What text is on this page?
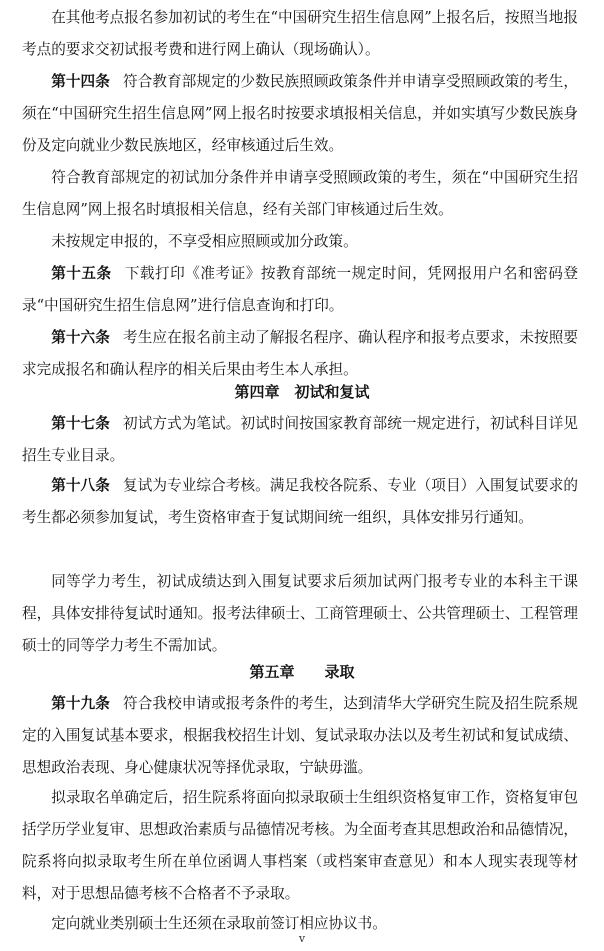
在其他考点报名参加初试的考生在“中国研究生招生信息网”上报名后，按照当地报考点的要求交初试报考费和进行网上确认（现场确认）。

第十四条 符合教育部规定的少数民族照顾政策条件并申请享受照顾政策的考生，须在“中国研究生招生信息网”网上报名时按要求填报相关信息，并如实填写少数民族身份及定向就业少数民族地区，经审核通过后生效。

符合教育部规定的初试加分条件并申请享受照顾政策的考生，须在“中国研究生招生信息网”网上报名时填报相关信息，经有关部门审核通过后生效。

未按规定申报的，不享受相应照顾或加分政策。

第十五条 下载打印《准考证》按教育部统一规定时间，凭网报用户名和密码登录“中国研究生招生信息网”进行信息查询和打印。

第十六条 考生应在报名前主动了解报名程序、确认程序和报考点要求，未按照要求完成报名和确认程序的相关后果由考生本人承担。

第四章　初试和复试

第十七条 初试方式为笔试。初试时间按国家教育部统一规定进行，初试科目详见招生专业目录。

第十八条 复试为专业综合考核。满足我校各院系、专业（项目）入围复试要求的考生都必须参加复试，考生资格审查于复试期间统一组织，具体安排另行通知。

同等学力考生，初试成绩达到入围复试要求后须加试两门报考专业的本科主干课程，具体安排待复试时通知。报考法律硕士、工商管理硕士、公共管理硕士、工程管理硕士的同等学力考生不需加试。

第五章　　录取

第十九条 符合我校申请或报考条件的考生，达到清华大学研究生院及招生院系规定的入围复试基本要求，根据我校招生计划、复试录取办法以及考生初试和复试成绩、思想政治表现、身心健康状况等择优录取，宁缺毋滥。

拟录取名单确定后，招生院系将面向拟录取硕士生组织资格复审工作，资格复审包括学历学业复审、思想政治素质与品德情况考核。为全面考查其思想政治和品德情况，院系将向拟录取考生所在单位函调人事档案（或档案审查意见）和本人现实表现等材料，对于思想品德考核不合格者不予录取。

定向就业类别硕士生还须在录取前签订相应协议书。

v
